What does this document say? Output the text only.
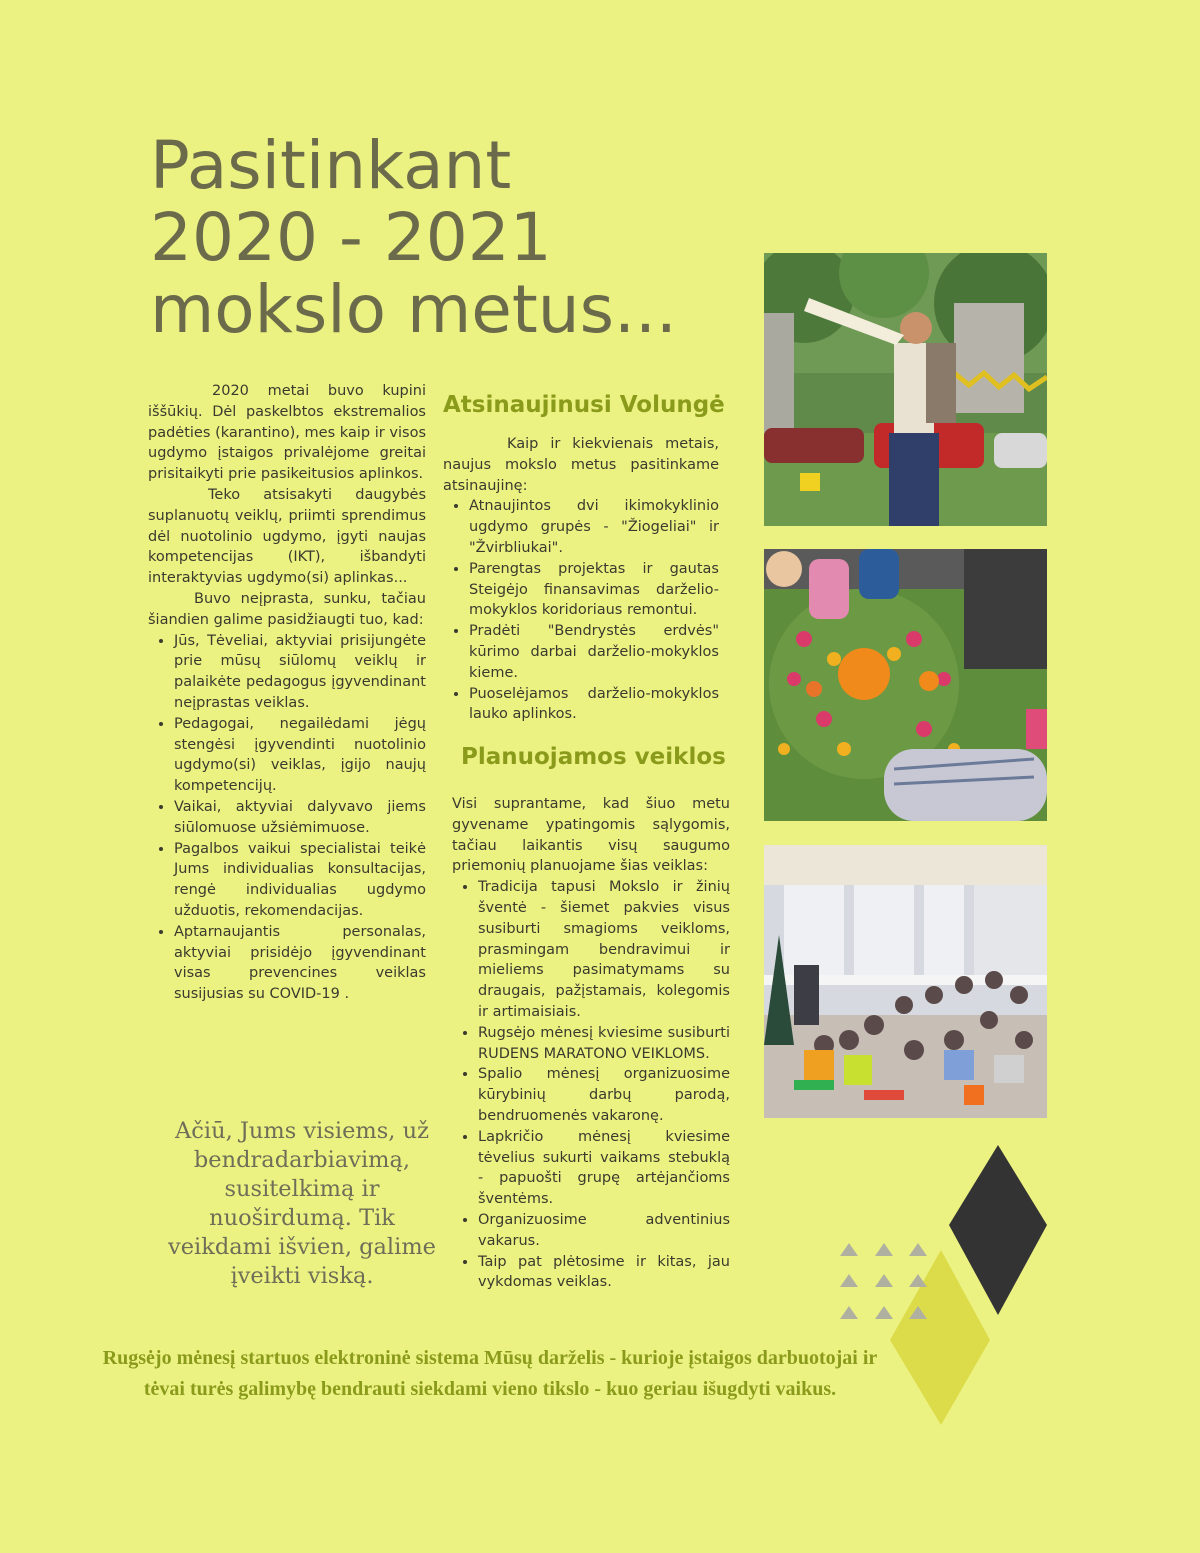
Pasitinkant
2020 - 2021
mokslo metus...

2020 metai buvo kupini iššūkių. Dėl paskelbtos ekstremalios padėties (karantino), mes kaip ir visos ugdymo įstaigos privalėjome greitai prisitaikyti prie pasikeitusios aplinkos.

Teko atsisakyti daugybės suplanuotų veiklų, priimti sprendimus dėl nuotolinio ugdymo, įgyti naujas kompetencijas (IKT), išbandyti interaktyvias ugdymo(si) aplinkas...

Buvo neįprasta, sunku, tačiau šiandien galime pasidžiaugti tuo, kad:

• Jūs, Tėveliai, aktyviai prisijungėte prie mūsų siūlomų veiklų ir palaikėte pedagogus įgyvendinant neįprastas veiklas.
• Pedagogai, negailėdami jėgų stengėsi įgyvendinti nuotolinio ugdymo(si) veiklas, įgijo naujų kompetencijų.
• Vaikai, aktyviai dalyvavo jiems siūlomuose užsiėmimuose.
• Pagalbos vaikui specialistai teikė Jums individualias konsultacijas, rengė individualias ugdymo užduotis, rekomendacijas.
• Aptarnaujantis personalas, aktyviai prisidėjo įgyvendinant visas prevencines veiklas susijusias su COVID-19 .
Ačiū, Jums visiems, už bendradarbiavimą, susitelkimą ir nuoširdumą. Tik veikdami išvien, galime įveikti viską.
Atsinaujinusi Volungė

Kaip ir kiekvienais metais, naujus mokslo metus pasitinkame atsinaujinę:

• Atnaujintos dvi ikimokyklinio ugdymo grupės - "Žiogeliai" ir "Žvirbliukai".
• Parengtas projektas ir gautas Steigėjo finansavimas darželio-mokyklos koridoriaus remontui.
• Pradėti "Bendrystės erdvės" kūrimo darbai darželio-mokyklos kieme.
• Puoselėjamos darželio-mokyklos lauko aplinkos.
Planuojamos veiklos

Visi suprantame, kad šiuo metu gyvename ypatingomis sąlygomis, tačiau laikantis visų saugumo priemonių planuojame šias veiklas:

• Tradicija tapusi Mokslo ir žinių šventė - šiemet pakvies visus susiburti smagioms veikloms, prasmingam bendravimui ir mieliems pasimatymams su draugais, pažįstamais, kolegomis ir artimaisiais.
• Rugsėjo mėnesį kviesime susiburti RUDENS MARATONO VEIKLOMS.
• Spalio mėnesį organizuosime kūrybinių darbų parodą, bendruomenės vakaronę.
• Lapkričio mėnesį kviesime tėvelius sukurti vaikams stebuklą - papuošti grupę artėjančioms šventėms.
• Organizuosime adventinius vakarus.
• Taip pat plėtosime ir kitas, jau vykdomas veiklas.
Rugsėjo mėnesį startuos elektroninė sistema Mūsų darželis - kurioje įstaigos darbuotojai ir tėvai turės galimybę bendrauti siekdami vieno tikslo - kuo geriau išugdyti vaikus.
